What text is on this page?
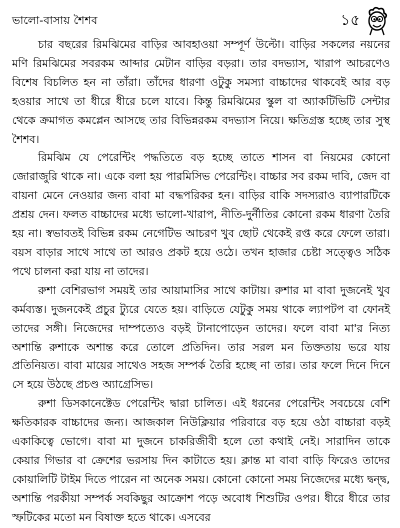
ভালো-বাসায় শৈশব	১৫

চার বছরের রিমঝিমের বাড়ির আবহাওয়া সম্পূর্ণ উল্টো। বাড়ির সকলের নয়নের মণি রিমঝিমের সবরকম আব্দার মেটান বাড়ির বড়রা। তার বদভ্যাস, খারাপ আচরণেও বিশেষ বিচলিত হন না তাঁরা। তাঁদের ধারণা ওটুকু সমস্যা বাচ্চাদের থাকবেই আর বড় হওয়ার সাথে তা ধীরে ধীরে চলে যাবে। কিন্তু রিমঝিমের স্কুল বা অ্যাকটিভিটি সেন্টার থেকে ক্রমাগত কমপ্লেন আসছে তার বিভিন্নরকম বদভ্যাস নিয়ে। ক্ষতিগ্রস্ত হচ্ছে তার সুস্থ শৈশব।

রিমঝিম যে পেরেন্টিং পদ্ধতিতে বড় হচ্ছে তাতে শাসন বা নিয়মের কোনো জোরাজুরি থাকে না। একে বলা হয় পারমিসিভ পেরেন্টিং। বাচ্চার সব রকম দাবি, জেদ বা বায়না মেনে নেওয়ার জন্য বাবা মা বদ্ধপরিকর হন। বাড়ির বাকি সদস্যরাও ব্যাপারটিকে প্রশ্রয় দেন। ফলত বাচ্চাদের মধ্যে ভালো-খারাপ, নীতি-দুর্নীতির কোনো রকম ধারণা তৈরি হয় না। স্বভাবতই বিভিন্ন রকম নেগেটিভ আচরণ খুব ছোট থেকেই রপ্ত করে ফেলে তারা। বয়স বাড়ার সাথে সাথে তা আরও প্রকট হয়ে ওঠে। তখন হাজার চেষ্টা সত্ত্বেও সঠিক পথে চালনা করা যায় না তাদের।

রুশা বেশিরভাগ সময়ই তার আয়ামাসির সাথে কাটায়। রুশার মা বাবা দুজনেই খুব কর্মব্যস্ত। দুজনকেই প্রচুর ট্যুরে যেতে হয়। বাড়িতে যেটুকু সময় থাকে ল্যাপটপ বা ফোনই তাদের সঙ্গী। নিজেদের দাম্পত্যেও বড়ই টানাপোড়েন তাদের। ফলে বাবা মা'র নিত্য অশান্তি রুশাকে অশান্ত করে তোলে প্রতিদিন। তার সরল মন তিক্ততায় ভরে যায় প্রতিনিয়ত। বাবা মায়ের সাথেও সহজ সম্পর্ক তৈরি হচ্ছে না তার। তার ফলে দিনে দিনে সে হয়ে উঠছে প্রচণ্ড অ্যাগ্রেসিভ।

রুশা ডিসকানেক্টেড পেরেন্টিং দ্বারা চালিত। এই ধরনের পেরেন্টিং সবচেয়ে বেশি ক্ষতিকারক বাচ্চাদের জন্য। আজকাল নিউক্লিয়ার পরিবারে বড় হয়ে ওঠা বাচ্চারা বড়ই একাকিত্বে ভোগে। বাবা মা দুজনে চাকরিজীবী হলে তো কথাই নেই। সারাদিন তাকে কেয়ার গিভার বা ক্রেশের ভরসায় দিন কাটাতে হয়। ক্লান্ত মা বাবা বাড়ি ফিরেও তাদের কোয়ালিটি টাইম দিতে পারেন না অনেক সময়। কোনো কোনো সময় নিজেদের মধ্যে দ্বন্দ্ব, অশান্তি পরকীয়া সম্পর্ক সবকিছুর আক্রোশ পড়ে অবোধ শিশুটির ওপর। ধীরে ধীরে তার স্ফটিকের মতো মন বিষাক্ত হতে থাকে। এসবের
